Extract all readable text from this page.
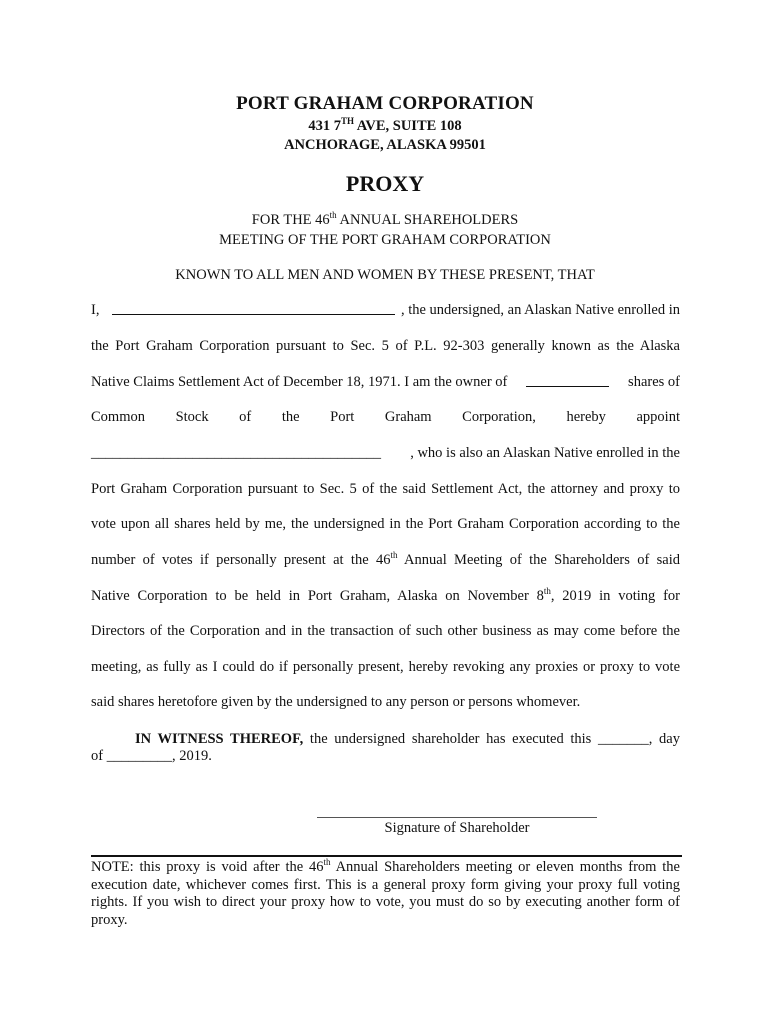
PORT GRAHAM CORPORATION
431 7TH AVE, SUITE 108
ANCHORAGE, ALASKA 99501
PROXY
FOR THE 46th ANNUAL SHAREHOLDERS
MEETING OF THE PORT GRAHAM CORPORATION
KNOWN TO ALL MEN AND WOMEN BY THESE PRESENT, THAT
I,	, the undersigned, an Alaskan Native enrolled in
the Port Graham Corporation pursuant to Sec. 5 of P.L. 92-303 generally known as the Alaska
Native Claims Settlement Act of December 18, 1971. I am the owner of	shares of
Common Stock of the Port Graham Corporation, hereby appoint
________________________________________ , who is also an Alaskan Native enrolled in the
Port Graham Corporation pursuant to Sec. 5 of the said Settlement Act, the attorney and proxy to
vote upon all shares held by me, the undersigned in the Port Graham Corporation according to the
number of votes if personally present at the 46th Annual Meeting of the Shareholders of said
Native Corporation to be held in Port Graham, Alaska on November 8th, 2019 in voting for
Directors of the Corporation and in the transaction of such other business as may come before the
meeting, as fully as I could do if personally present, hereby revoking any proxies or proxy to vote
said shares heretofore given by the undersigned to any person or persons whomever.
IN WITNESS THEREOF, the undersigned shareholder has executed this _______, day
of _________, 2019.
Signature of Shareholder
NOTE: this proxy is void after the 46th Annual Shareholders meeting or eleven months from the execution date, whichever comes first. This is a general proxy form giving your proxy full voting rights. If you wish to direct your proxy how to vote, you must do so by executing another form of proxy.
